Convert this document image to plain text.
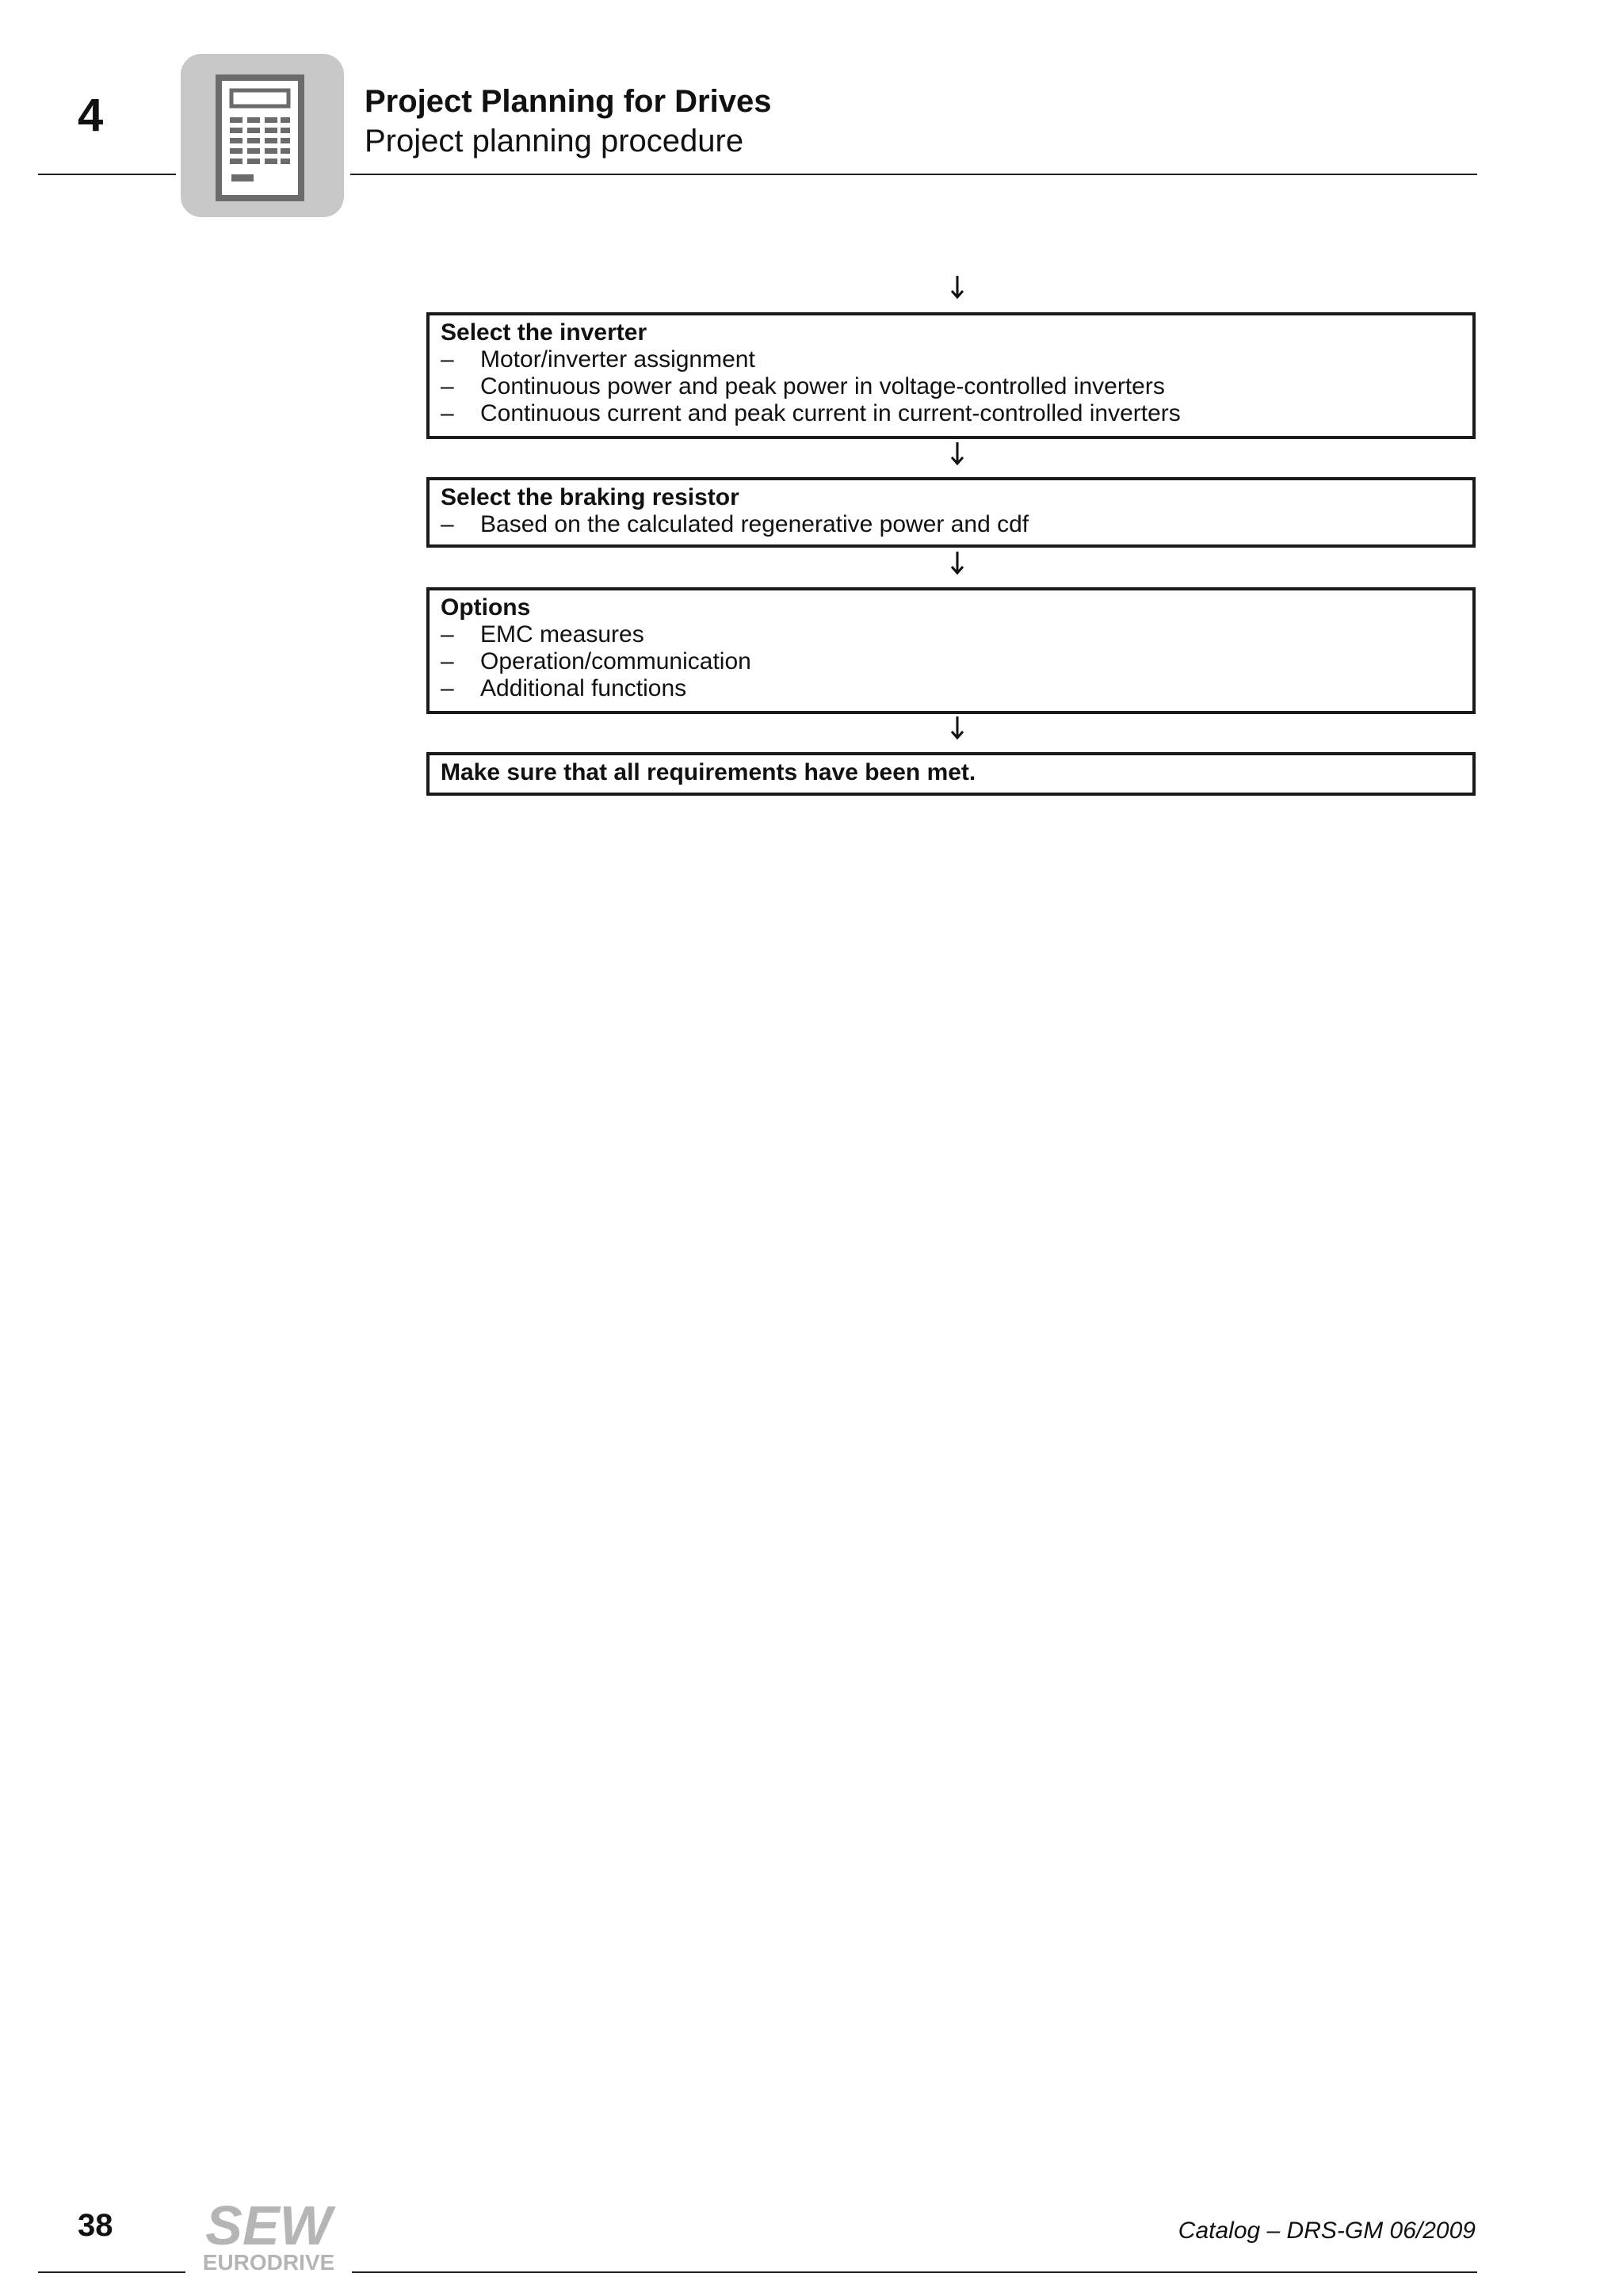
4	Project Planning for Drives
Project planning procedure
Select the inverter
–	Motor/inverter assignment
–	Continuous power and peak power in voltage-controlled inverters
–	Continuous current and peak current in current-controlled inverters
Select the braking resistor
–	Based on the calculated regenerative power and cdf
Options
–	EMC measures
–	Operation/communication
–	Additional functions
Make sure that all requirements have been met.
38 SEW
EURODRIVE
Catalog – DRS-GM 06/2009
